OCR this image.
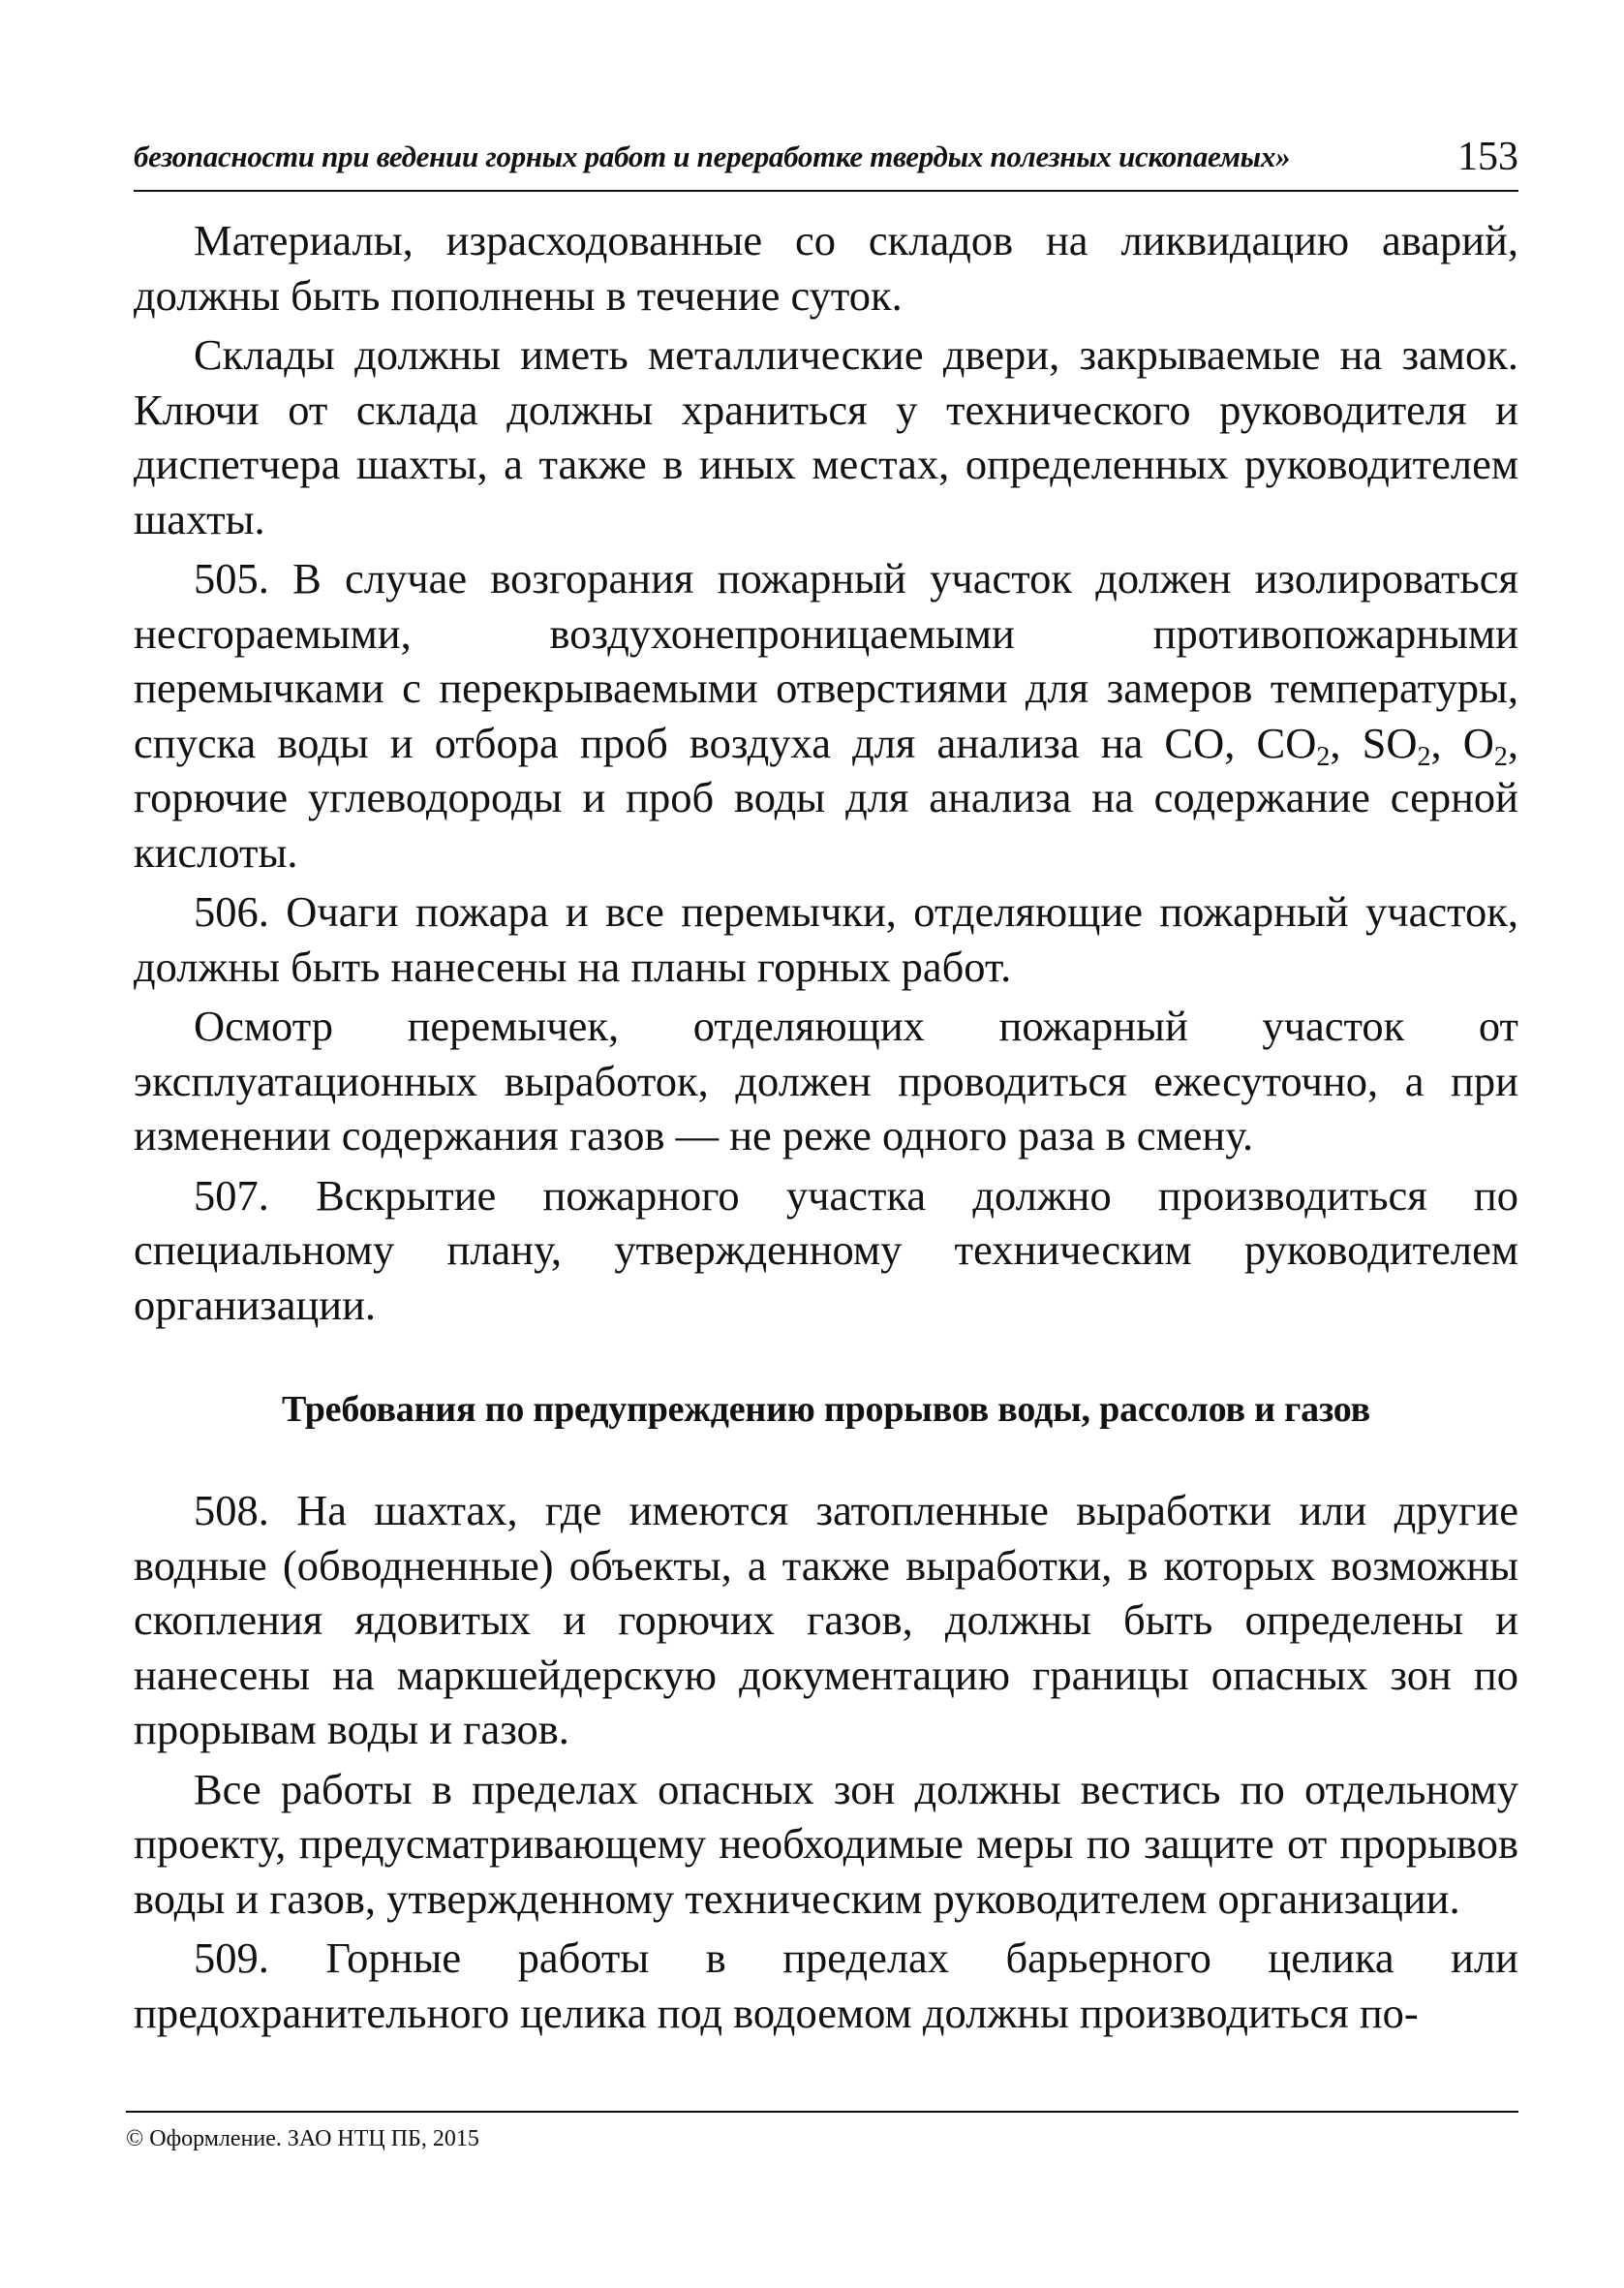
безопасности при ведении горных работ и переработке твердых полезных ископаемых»	153

Материалы, израсходованные со складов на ликвидацию аварий, должны быть пополнены в течение суток.

Склады должны иметь металлические двери, закрываемые на замок. Ключи от склада должны храниться у технического руководителя и диспетчера шахты, а также в иных местах, определенных руководителем шахты.

505. В случае возгорания пожарный участок должен изолироваться несгораемыми, воздухонепроницаемыми противопожарными перемычками с перекрываемыми отверстиями для замеров температуры, спуска воды и отбора проб воздуха для анализа на CO, $CO_2$, $SO_2$, $O_2$, горючие углеводороды и проб воды для анализа на содержание серной кислоты.

506. Очаги пожара и все перемычки, отделяющие пожарный участок, должны быть нанесены на планы горных работ.

Осмотр перемычек, отделяющих пожарный участок от эксплуатационных выработок, должен проводиться ежесуточно, а при изменении содержания газов — не реже одного раза в смену.

507. Вскрытие пожарного участка должно производиться по специальному плану, утвержденному техническим руководителем организации.

Требования по предупреждению прорывов воды, рассолов и газов

508. На шахтах, где имеются затопленные выработки или другие водные (обводненные) объекты, а также выработки, в которых возможны скопления ядовитых и горючих газов, должны быть определены и нанесены на маркшейдерскую документацию границы опасных зон по прорывам воды и газов.

Все работы в пределах опасных зон должны вестись по отдельному проекту, предусматривающему необходимые меры по защите от прорывов воды и газов, утвержденному техническим руководителем организации.

509. Горные работы в пределах барьерного целика или предохранительного целика под водоемом должны производиться по-

© Оформление. ЗАО НТЦ ПБ, 2015
